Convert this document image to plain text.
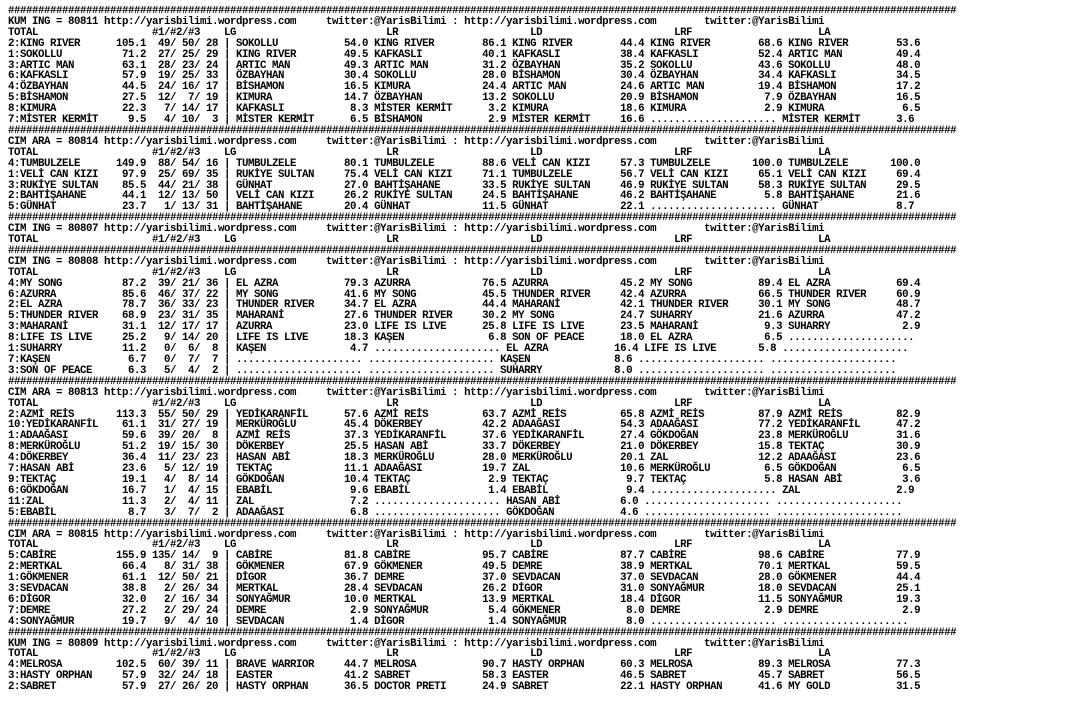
##############################################################################################################################################################
KUM ING = 80811 http://yarisbilimi.wordpress.com     twitter:@YarisBilimi : http://yarisbilimi.wordpress.com        twitter:@YarisBilimi
TOTAL                   #1/#2/#3    LG                         LR                      LD                      LRF                     LA
2:KING RIVER      105.1  49/ 50/ 28 | SOKOLLU           54.0 KING RIVER        86.1 KING RIVER        44.4 KING RIVER        68.6 KING RIVER        53.6
1:SOKOLLU          71.2  27/ 25/ 29 | KING RIVER        49.5 KAFKASLI          40.1 KAFKASLI          38.4 KAFKASLI          52.4 ARTIC MAN         49.4
3:ARTIC MAN        63.1  28/ 23/ 24 | ARTIC MAN         49.3 ARTIC MAN         31.2 ÖZBAYHAN          35.2 SOKOLLU           43.6 SOKOLLU           48.0
6:KAFKASLI         57.9  19/ 25/ 33 | ÖZBAYHAN          30.4 SOKOLLU           28.0 BİSHAMON          30.4 ÖZBAYHAN          34.4 KAFKASLI          34.5
4:ÖZBAYHAN         44.5  24/ 16/ 17 | BİSHAMON          16.5 KIMURA            24.4 ARTIC MAN         24.6 ARTIC MAN         19.4 BİSHAMON          17.2
5:BİSHAMON         27.5  12/  7/ 19 | KIMURA            14.7 ÖZBAYHAN          13.2 SOKOLLU           20.9 BİSHAMON           7.9 ÖZBAYHAN          16.5
8:KIMURA           22.3   7/ 14/ 17 | KAFKASLI           8.3 MİSTER KERMİT      3.2 KIMURA            18.6 KIMURA             2.9 KIMURA             6.5
7:MİSTER KERMİT     9.5   4/ 10/  3 | MİSTER KERMİT      6.5 BİSHAMON           2.9 MİSTER KERMİT     16.6 ..................... MİSTER KERMİT      3.6
##############################################################################################################################################################
CIM ARA = 80814 http://yarisbilimi.wordpress.com     twitter:@YarisBilimi : http://yarisbilimi.wordpress.com        twitter:@YarisBilimi
TOTAL                   #1/#2/#3    LG                         LR                      LD                      LRF                     LA
4:TUMBULZELE      149.9  88/ 54/ 16 | TUMBULZELE        80.1 TUMBULZELE        88.6 VELİ CAN KIZI     57.3 TUMBULZELE       100.0 TUMBULZELE       100.0
1:VELİ CAN KIZI    97.9  25/ 69/ 35 | RUKİYE SULTAN     75.4 VELİ CAN KIZI     71.1 TUMBULZELE        56.7 VELİ CAN KIZI     65.1 VELİ CAN KIZI     69.4
3:RUKİYE SULTAN    85.5  44/ 21/ 38 | GÜNHAT            27.0 BAHTİŞAHANE       33.5 RUKİYE SULTAN     46.9 RUKİYE SULTAN     58.3 RUKİYE SULTAN     29.5
2:BAHTİŞAHANE      44.1  12/ 13/ 50 | VELİ CAN KIZI     26.2 RUKİYE SULTAN     24.5 BAHTİŞAHANE       46.2 BAHTİŞAHANE        5.8 BAHTİŞAHANE       21.6
5:GÜNHAT           23.7   1/ 13/ 31 | BAHTİŞAHANE       20.4 GÜNHAT            11.5 GÜNHAT            22.1 ..................... GÜNHAT             8.7
##############################################################################################################################################################
CIM ING = 80807 http://yarisbilimi.wordpress.com     twitter:@YarisBilimi : http://yarisbilimi.wordpress.com        twitter:@YarisBilimi
TOTAL                   #1/#2/#3    LG                         LR                      LD                      LRF                     LA
##############################################################################################################################################################
CIM ING = 80808 http://yarisbilimi.wordpress.com     twitter:@YarisBilimi : http://yarisbilimi.wordpress.com        twitter:@YarisBilimi
TOTAL                   #1/#2/#3    LG                         LR                      LD                      LRF                     LA
4:MY SONG          87.2  39/ 21/ 36 | EL AZRA           79.3 AZURRA            76.5 AZURRA            45.2 MY SONG           89.4 EL AZRA           69.4
6:AZURRA           85.6  46/ 37/ 22 | MY SONG           41.6 MY SONG           45.5 THUNDER RIVER     42.4 AZURRA            66.5 THUNDER RIVER     60.9
2:EL AZRA          78.7  36/ 33/ 23 | THUNDER RIVER     34.7 EL AZRA           44.4 MAHARANİ          42.1 THUNDER RIVER     30.1 MY SONG           48.7
5:THUNDER RIVER    68.9  23/ 31/ 35 | MAHARANİ          27.6 THUNDER RIVER     30.2 MY SONG           24.7 SUHARRY           21.6 AZURRA            47.2
3:MAHARANİ         31.1  12/ 17/ 17 | AZURRA            23.0 LIFE IS LIVE      25.8 LIFE IS LIVE      23.5 MAHARANİ           9.3 SUHARRY            2.9
8:LIFE IS LIVE     25.2   9/ 14/ 20 | LIFE IS LIVE      18.3 KAŞEN              6.8 SON OF PEACE      18.0 EL AZRA            6.5 .....................
1:SUHARRY          11.2   0/  6/  8 | KAŞEN              4.7 ..................... EL AZRA           16.4 LIFE IS LIVE       5.8 .....................
7:KAŞEN             6.7   0/  7/  7 | ..................... ..................... KAŞEN              8.6 ..................... .....................
3:SON OF PEACE      6.3   5/  4/  2 | ..................... ..................... SUHARRY            8.0 ..................... .....................
##############################################################################################################################################################
CIM ARA = 80813 http://yarisbilimi.wordpress.com     twitter:@YarisBilimi : http://yarisbilimi.wordpress.com        twitter:@YarisBilimi
TOTAL                   #1/#2/#3    LG                         LR                      LD                      LRF                     LA
2:AZMİ REİS       113.3  55/ 50/ 29 | YEDİKARANFİL      57.6 AZMİ REİS         63.7 AZMİ REİS         65.8 AZMİ REİS         87.9 AZMİ REİS         82.9
10:YEDİKARANFİL    61.1  31/ 27/ 19 | MERKÜROĞLU        45.4 DÖKERBEY          42.2 ADAAĞASI          54.3 ADAAĞASI          77.2 YEDİKARANFİL      47.2
1:ADAAĞASI         59.6  39/ 20/  8 | AZMİ REİS         37.3 YEDİKARANFİL      37.6 YEDİKARANFİL      27.4 GÖKDOĞAN          23.8 MERKÜROĞLU        31.6
8:MERKÜROĞLU       51.2  19/ 15/ 30 | DÖKERBEY          25.5 HASAN ABİ         33.7 DÖKERBEY          21.0 DÖKERBEY          15.8 TEKTAÇ            30.9
4:DÖKERBEY         36.4  11/ 23/ 23 | HASAN ABİ         18.3 MERKÜROĞLU        28.0 MERKÜROĞLU        20.1 ZAL               12.2 ADAAĞASI          23.6
7:HASAN ABİ        23.6   5/ 12/ 19 | TEKTAÇ            11.1 ADAAĞASI          19.7 ZAL               10.6 MERKÜROĞLU         6.5 GÖKDOĞAN           6.5
9:TEKTAÇ           19.1   4/  8/ 14 | GÖKDOĞAN          10.4 TEKTAÇ             2.9 TEKTAÇ             9.7 TEKTAÇ             5.8 HASAN ABİ          3.6
6:GÖKDOĞAN         16.7   1/  4/ 15 | EBABİL             9.6 EBABİL             1.4 EBABİL             9.4 ..................... ZAL                2.9
11:ZAL             11.3   2/  4/ 11 | ZAL                7.2 ..................... HASAN ABİ          6.0 ..................... .....................
5:EBABİL            8.7   3/  7/  2 | ADAAĞASI           6.8 ..................... GÖKDOĞAN           4.6 ..................... .....................
##############################################################################################################################################################
CIM ARA = 80815 http://yarisbilimi.wordpress.com     twitter:@YarisBilimi : http://yarisbilimi.wordpress.com        twitter:@YarisBilimi
TOTAL                   #1/#2/#3    LG                         LR                      LD                      LRF                     LA
5:CABİRE          155.9 135/ 14/  9 | CABİRE            81.8 CABİRE            95.7 CABİRE            87.7 CABİRE            98.6 CABİRE            77.9
2:MERTKAL          66.4   8/ 31/ 38 | GÖKMENER          67.9 GÖKMENER          49.5 DEMRE             38.9 MERTKAL           70.1 MERTKAL           59.5
1:GÖKMENER         61.1  12/ 50/ 21 | DİGOR             36.7 DEMRE             37.0 SEVDACAN          37.0 SEVDACAN          28.0 GÖKMENER          44.4
3:SEVDACAN         38.8   2/ 26/ 34 | MERTKAL           28.4 SEVDACAN          26.2 DİGOR             31.0 SONYAĞMUR         18.0 SEVDACAN          25.1
6:DİGOR            32.0   2/ 16/ 34 | SONYAĞMUR         10.0 MERTKAL           13.9 MERTKAL           18.4 DİGOR             11.5 SONYAĞMUR         19.3
7:DEMRE            27.2   2/ 29/ 24 | DEMRE              2.9 SONYAĞMUR          5.4 GÖKMENER           8.0 DEMRE              2.9 DEMRE              2.9
4:SONYAĞMUR        19.7   9/  4/ 10 | SEVDACAN           1.4 DİGOR              1.4 SONYAĞMUR          8.0 ..................... .....................
##############################################################################################################################################################
KUM ING = 80809 http://yarisbilimi.wordpress.com     twitter:@YarisBilimi : http://yarisbilimi.wordpress.com        twitter:@YarisBilimi
TOTAL                   #1/#2/#3    LG                         LR                      LD                      LRF                     LA
4:MELROSA         102.5  60/ 39/ 11 | BRAVE WARRIOR     44.7 MELROSA           90.7 HASTY ORPHAN      60.3 MELROSA           89.3 MELROSA           77.3
3:HASTY ORPHAN     57.9  32/ 24/ 18 | EASTER            41.2 SABRET            58.3 EASTER            46.5 SABRET            45.7 SABRET            56.5
2:SABRET           57.9  27/ 26/ 20 | HASTY ORPHAN      36.5 DOCTOR PRETI      24.9 SABRET            22.1 HASTY ORPHAN      41.6 MY GOLD           31.5
